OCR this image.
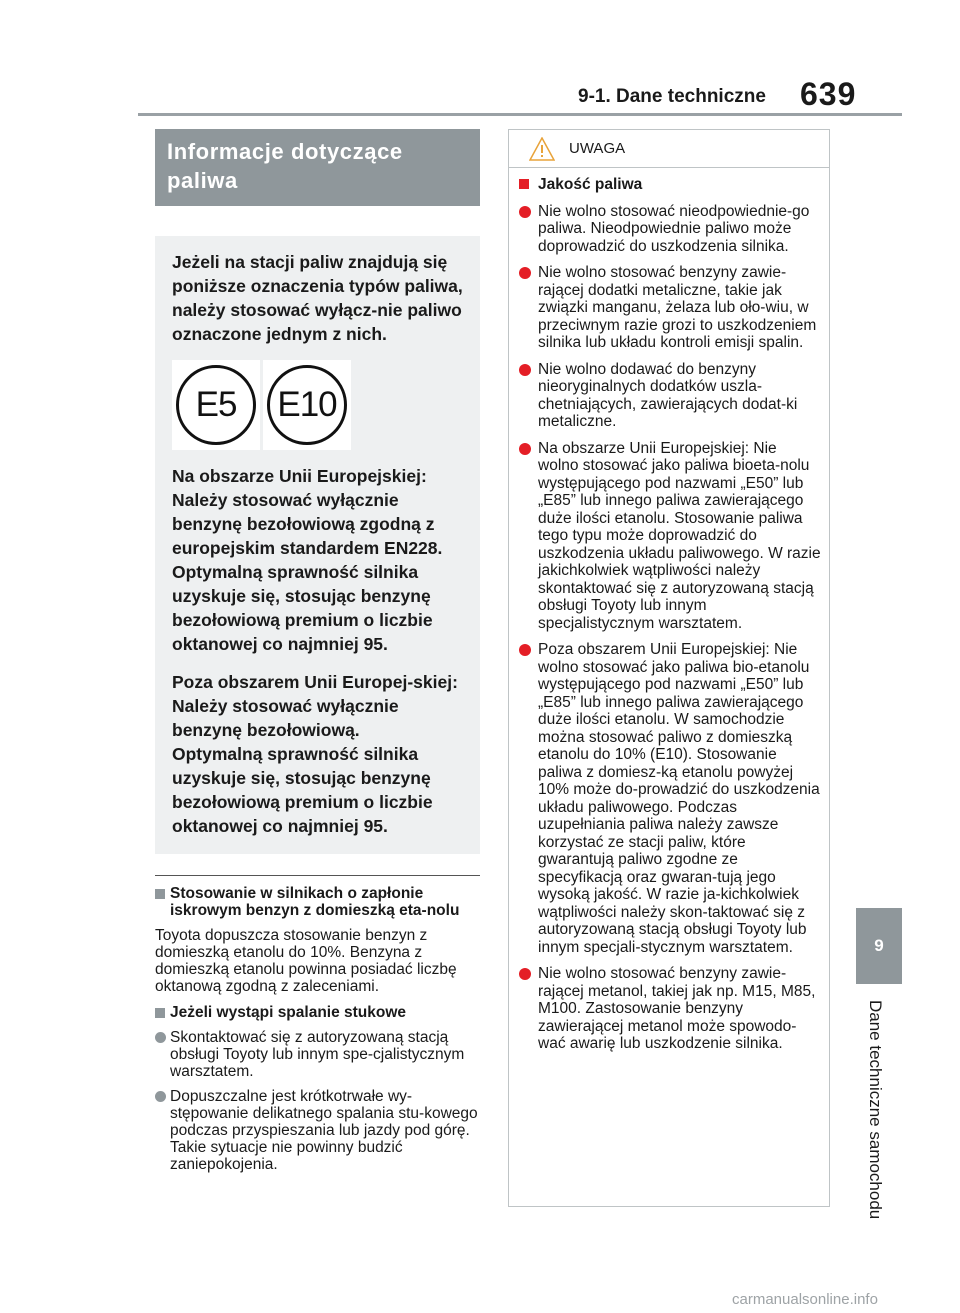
639
9-1. Dane techniczne
9
Dane techniczne samochodu
Informacje dotyczące paliwa

Jeżeli na stacji paliw znajdują się poniższe oznaczenia typów paliwa, należy stosować wyłącz-nie paliwo oznaczone jednym z nich.

E5	E10

Na obszarze Unii Europejskiej:

Należy stosować wyłącznie benzynę bezołowiową zgodną z europejskim standardem EN228.

Optymalną sprawność silnika uzyskuje się, stosując benzynę bezołowiową premium o liczbie oktanowej co najmniej 95.

Poza obszarem Unii Europej-skiej:

Należy stosować wyłącznie benzynę bezołowiową.

Optymalną sprawność silnika uzyskuje się, stosując benzynę bezołowiową premium o liczbie oktanowej co najmniej 95.

Stosowanie w silnikach o zapłonie iskrowym benzyn z domieszką eta-nolu
Toyota dopuszcza stosowanie benzyn z domieszką etanolu do 10%. Benzyna z domieszką etanolu powinna posiadać liczbę oktanową zgodną z zaleceniami.
Jeżeli wystąpi spalanie stukowe
Skontaktować się z autoryzowaną stacją obsługi Toyoty lub innym spe-cjalistycznym warsztatem.
Dopuszczalne jest krótkotrwałe wy-stępowanie delikatnego spalania stu-kowego podczas przyspieszania lub jazdy pod górę. Takie sytuacje nie powinny budzić zaniepokojenia.
UWAGA
Jakość paliwa
Nie wolno stosować nieodpowiednie-go paliwa. Nieodpowiednie paliwo może doprowadzić do uszkodzenia silnika.
Nie wolno stosować benzyny zawie-rającej dodatki metaliczne, takie jak związki manganu, żelaza lub oło-wiu, w przeciwnym razie grozi to uszkodzeniem silnika lub układu kontroli emisji spalin.
Nie wolno dodawać do benzyny nieoryginalnych dodatków uszla-chetniających, zawierających dodat-ki metaliczne.
Na obszarze Unii Europejskiej: Nie wolno stosować jako paliwa bioeta-nolu występującego pod nazwami „E50” lub „E85” lub innego paliwa zawierającego duże ilości etanolu. Stosowanie paliwa tego typu może doprowadzić do uszkodzenia układu paliwowego. W razie jakichkolwiek wątpliwości należy skontaktować się z autoryzowaną stacją obsługi Toyoty lub innym specjalistycznym warsztatem.
Poza obszarem Unii Europejskiej: Nie wolno stosować jako paliwa bio-etanolu występującego pod nazwami „E50” lub „E85” lub innego paliwa zawierającego duże ilości etanolu. W samochodzie można stosować paliwo z domieszką etanolu do 10% (E10). Stosowanie paliwa z domiesz-ką etanolu powyżej 10% może do-prowadzić do uszkodzenia układu paliwowego. Podczas uzupełniania paliwa należy zawsze korzystać ze stacji paliw, które gwarantują paliwo zgodne ze specyfikacją oraz gwaran-tują jego wysoką jakość. W razie ja-kichkolwiek wątpliwości należy skon-taktować się z autoryzowaną stacją obsługi Toyoty lub innym specjali-stycznym warsztatem.
Nie wolno stosować benzyny zawie-rającej metanol, takiej jak np. M15, M85, M100. Zastosowanie benzyny zawierającej metanol może spowodo-wać awarię lub uszkodzenie silnika.
carmanualsonline.info
